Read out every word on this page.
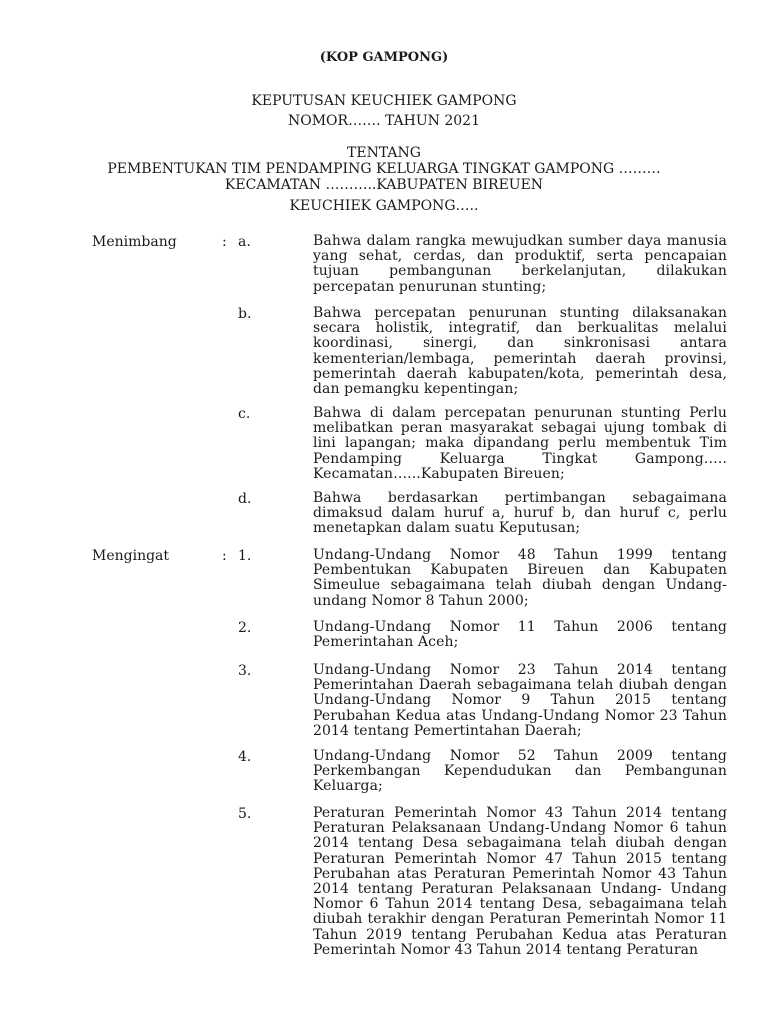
(KOP GAMPONG)
KEPUTUSAN KEUCHIEK GAMPONG
NOMOR……. TAHUN 2021
TENTANG
PEMBENTUKAN TIM PENDAMPING KELUARGA TINGKAT GAMPONG ………
KECAMATAN ………..KABUPATEN BIREUEN
KEUCHIEK GAMPONG…..
Menimbang	: a.	Bahwa dalam rangka mewujudkan sumber daya manusia yang sehat, cerdas, dan produktif, serta pencapaian tujuan pembangunan berkelanjutan, dilakukan percepatan penurunan stunting;
b.	Bahwa percepatan penurunan stunting dilaksanakan secara holistik, integratif, dan berkualitas melalui koordinasi, sinergi, dan sinkronisasi antara kementerian/lembaga, pemerintah daerah provinsi, pemerintah daerah kabupaten/kota, pemerintah desa, dan pemangku kepentingan;
c.	Bahwa di dalam percepatan penurunan stunting Perlu melibatkan peran masyarakat sebagai ujung tombak di lini lapangan; maka dipandang perlu membentuk Tim Pendamping Keluarga Tingkat Gampong….. Kecamatan…...Kabupaten Bireuen;
d.	Bahwa berdasarkan pertimbangan sebagaimana dimaksud dalam huruf a, huruf b, dan huruf c, perlu menetapkan dalam suatu Keputusan;
Mengingat	: 1.	Undang-Undang Nomor 48 Tahun 1999 tentang Pembentukan Kabupaten Bireuen dan Kabupaten Simeulue sebagaimana telah diubah dengan Undang-undang Nomor 8 Tahun 2000;
2.	Undang-Undang Nomor 11 Tahun 2006 tentang Pemerintahan Aceh;
3.	Undang-Undang Nomor 23 Tahun 2014 tentang Pemerintahan Daerah sebagaimana telah diubah dengan Undang-Undang Nomor 9 Tahun 2015 tentang Perubahan Kedua atas Undang-Undang Nomor 23 Tahun 2014 tentang Pemertintahan Daerah;
4.	Undang-Undang Nomor 52 Tahun 2009 tentang Perkembangan Kependudukan dan Pembangunan Keluarga;
5.	Peraturan Pemerintah Nomor 43 Tahun 2014 tentang Peraturan Pelaksanaan Undang-Undang Nomor 6 tahun 2014 tentang Desa sebagaimana telah diubah dengan Peraturan Pemerintah Nomor 47 Tahun 2015 tentang Perubahan atas Peraturan Pemerintah Nomor 43 Tahun 2014 tentang Peraturan Pelaksanaan Undang- Undang Nomor 6 Tahun 2014 tentang Desa, sebagaimana telah diubah terakhir dengan Peraturan Pemerintah Nomor 11 Tahun 2019 tentang Perubahan Kedua atas Peraturan Pemerintah Nomor 43 Tahun 2014 tentang Peraturan
